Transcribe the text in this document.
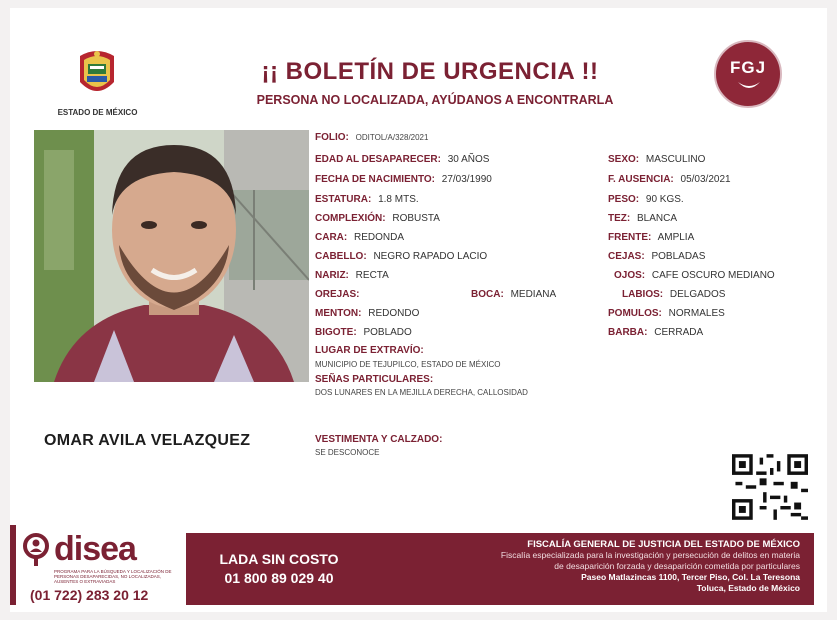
ESTADO DE MÉXICO
¡¡ BOLETÍN DE URGENCIA !!
PERSONA NO LOCALIZADA, AYÚDANOS A ENCONTRARLA
FGJ
FOLIO: ODITOL/A/328/2021
EDAD AL DESAPARECER: 30 AÑOS	SEXO: MASCULINO
FECHA DE NACIMIENTO: 27/03/1990	F. AUSENCIA: 05/03/2021
ESTATURA: 1.8 MTS.	PESO: 90 KGS.
COMPLEXIÓN: ROBUSTA	TEZ: BLANCA
CARA: REDONDA	FRENTE: AMPLIA
CABELLO: NEGRO RAPADO LACIO	CEJAS: POBLADAS
NARIZ: RECTA	OJOS: CAFE OSCURO MEDIANO
OREJAS:	BOCA: MEDIANA	LABIOS: DELGADOS
MENTON: REDONDO	POMULOS: NORMALES
BIGOTE: POBLADO	BARBA: CERRADA
LUGAR DE EXTRAVÍO:
MUNICIPIO DE TEJUPILCO, ESTADO DE MÉXICO
SEÑAS PARTICULARES:
DOS LUNARES EN LA MEJILLA DERECHA, CALLOSIDAD
OMAR AVILA VELAZQUEZ	VESTIMENTA Y CALZADO:
SE DESCONOCE
disea
PROGRAMA PARA LA BÚSQUEDA Y LOCALIZACIÓN DE PERSONAS DESAPARECIDAS, NO LOCALIZADAS, AUSENTES O EXTRAVIADAS
(01 722) 283 20 12
LADA SIN COSTO
01 800 89 029 40
FISCALÍA GENERAL DE JUSTICIA DEL ESTADO DE MÉXICO
Fiscalía especializada para la investigación y persecución de delitos en materia
de desaparición forzada y desaparición cometida por particulares
Paseo Matlazincas 1100, Tercer Piso, Col. La Teresona
Toluca, Estado de México
